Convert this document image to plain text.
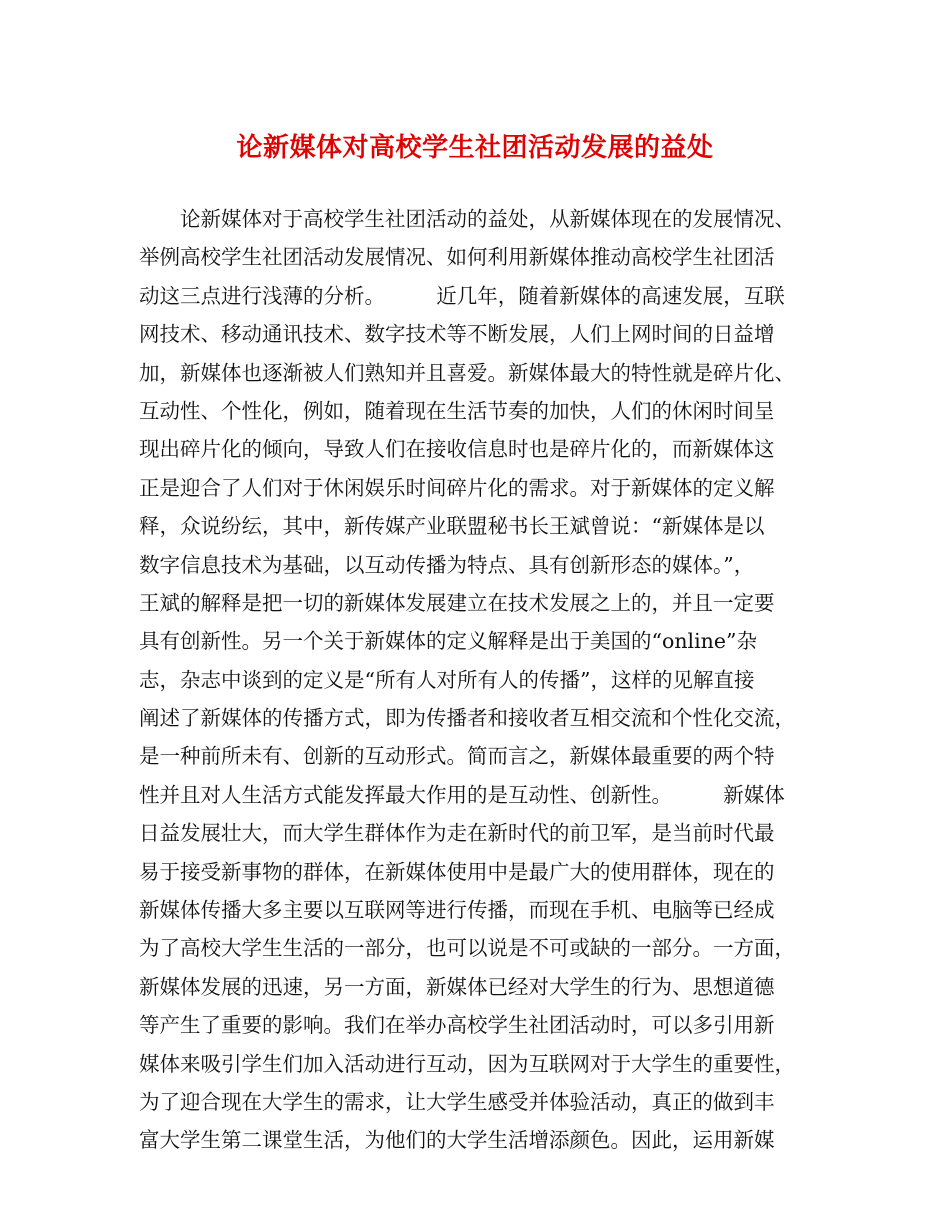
论新媒体对高校学生社团活动发展的益处
　　论新媒体对于高校学生社团活动的益处，从新媒体现在的发展情况、
举例高校学生社团活动发展情况、如何利用新媒体推动高校学生社团活
动这三点进行浅薄的分析。　　　近几年，随着新媒体的高速发展，互联
网技术、移动通讯技术、数字技术等不断发展，人们上网时间的日益增
加，新媒体也逐渐被人们熟知并且喜爱。新媒体最大的特性就是碎片化、
互动性、个性化，例如，随着现在生活节奏的加快，人们的休闲时间呈
现出碎片化的倾向，导致人们在接收信息时也是碎片化的，而新媒体这
正是迎合了人们对于休闲娱乐时间碎片化的需求。对于新媒体的定义解
释，众说纷纭，其中，新传媒产业联盟秘书长王斌曾说：“新媒体是以
数字信息技术为基础，以互动传播为特点、具有创新形态的媒体。”，
王斌的解释是把一切的新媒体发展建立在技术发展之上的，并且一定要
具有创新性。另一个关于新媒体的定义解释是出于美国的“online”杂
志，杂志中谈到的定义是“所有人对所有人的传播”，这样的见解直接
阐述了新媒体的传播方式，即为传播者和接收者互相交流和个性化交流，
是一种前所未有、创新的互动形式。简而言之，新媒体最重要的两个特
性并且对人生活方式能发挥最大作用的是互动性、创新性。　　　新媒体
日益发展壮大，而大学生群体作为走在新时代的前卫军，是当前时代最
易于接受新事物的群体，在新媒体使用中是最广大的使用群体，现在的
新媒体传播大多主要以互联网等进行传播，而现在手机、电脑等已经成
为了高校大学生生活的一部分，也可以说是不可或缺的一部分。一方面，
新媒体发展的迅速，另一方面，新媒体已经对大学生的行为、思想道德
等产生了重要的影响。我们在举办高校学生社团活动时，可以多引用新
媒体来吸引学生们加入活动进行互动，因为互联网对于大学生的重要性，
为了迎合现在大学生的需求，让大学生感受并体验活动，真正的做到丰
富大学生第二课堂生活，为他们的大学生活增添颜色。因此，运用新媒
